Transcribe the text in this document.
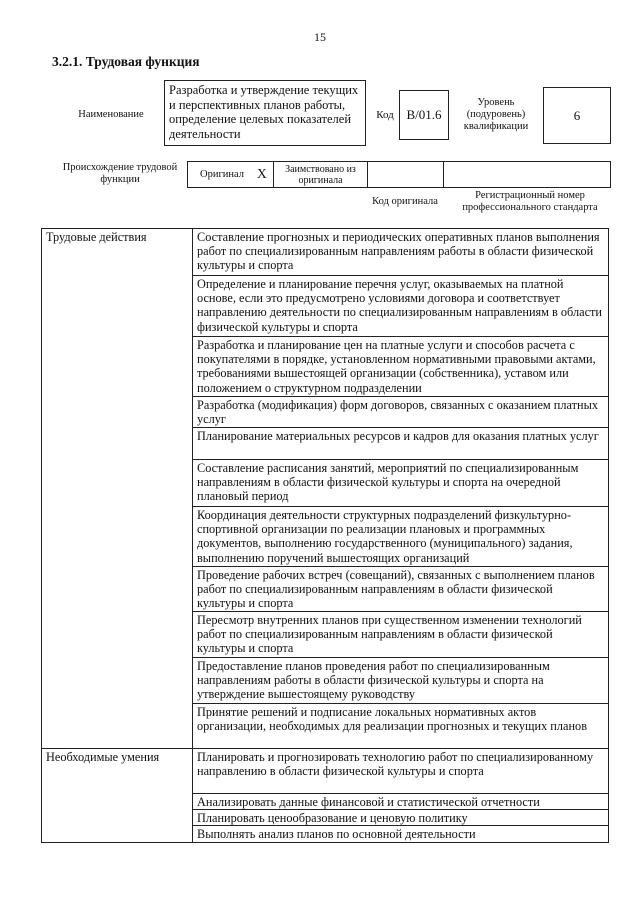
15
3.2.1. Трудовая функция
Наименование
Разработка и утверждение текущих и перспективных планов работы, определение целевых показателей деятельности
Код B/01.6
Уровень (подуровень) квалификации
6
Происхождение трудовой функции	Оригинал X	Заимствовано из оригинала
Код оригинала
Регистрационный номер профессионального стандарта
Трудовые действия	Составление прогнозных и периодических оперативных планов выполнения работ по специализированным направлениям работы в области физической культуры и спорта
	Определение и планирование перечня услуг, оказываемых на платной основе, если это предусмотрено условиями договора и соответствует направлению деятельности по специализированным направлениям в области физической культуры и спорта
	Разработка и планирование цен на платные услуги и способов расчета с покупателями в порядке, установленном нормативными правовыми актами, требованиями вышестоящей организации (собственника), уставом или положением о структурном подразделении
	Разработка (модификация) форм договоров, связанных с оказанием платных услуг
	Планирование материальных ресурсов и кадров для оказания платных услуг
	Составление расписания занятий, мероприятий по специализированным направлениям в области физической культуры и спорта на очередной плановый период
	Координация деятельности структурных подразделений физкультурно-спортивной организации по реализации плановых и программных документов, выполнению государственного (муниципального) задания, выполнению поручений вышестоящих организаций
	Проведение рабочих встреч (совещаний), связанных с выполнением планов работ по специализированным направлениям в области физической культуры и спорта
	Пересмотр внутренних планов при существенном изменении технологий работ по специализированным направлениям в области физической культуры и спорта
	Предоставление планов проведения работ по специализированным направлениям работы в области физической культуры и спорта на утверждение вышестоящему руководству
	Принятие решений и подписание локальных нормативных актов организации, необходимых для реализации прогнозных и текущих планов
Необходимые умения	Планировать и прогнозировать технологию работ по специализированному направлению в области физической культуры и спорта
	Анализировать данные финансовой и статистической отчетности
	Планировать ценообразование и ценовую политику
	Выполнять анализ планов по основной деятельности
